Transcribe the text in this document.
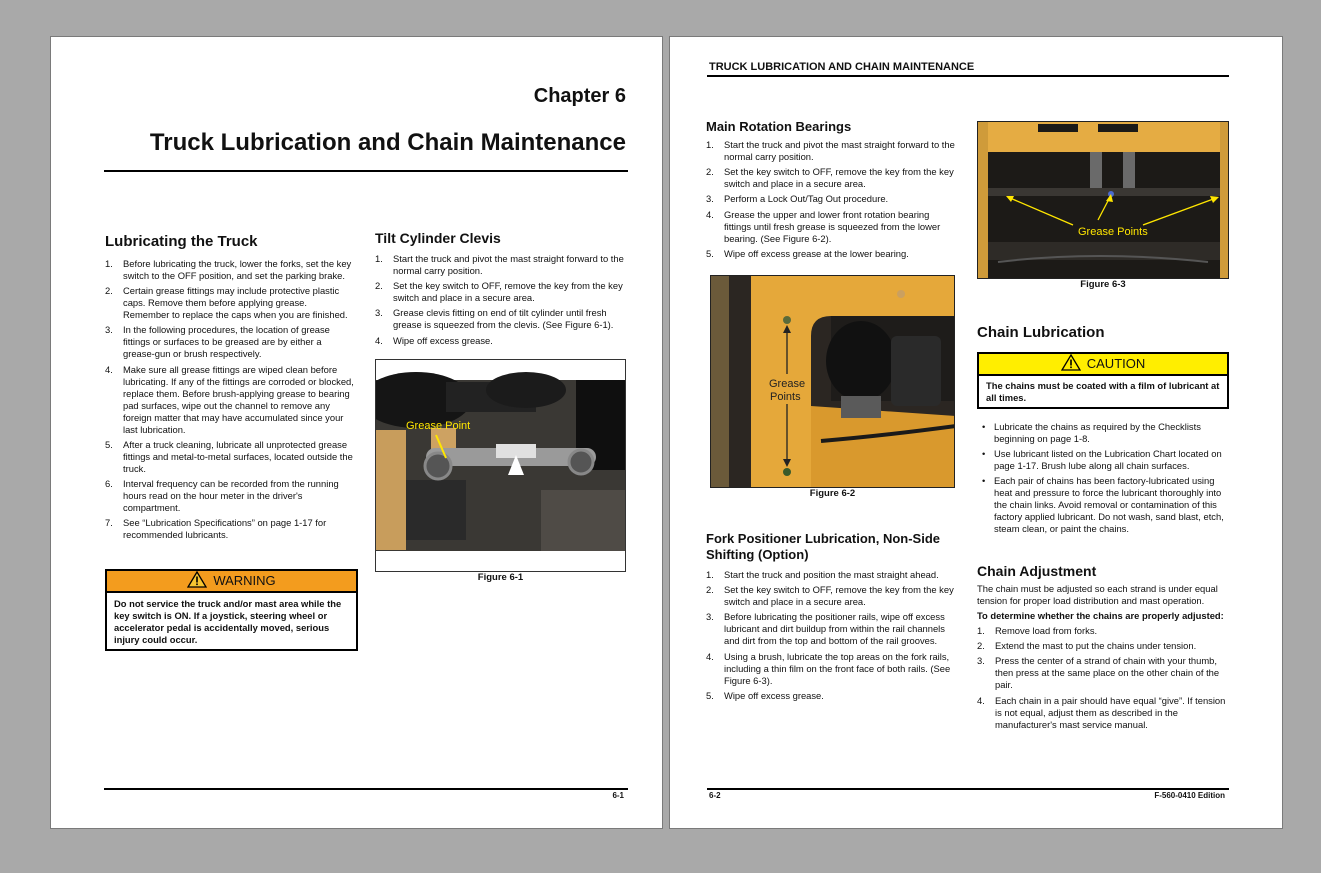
Chapter 6
Truck Lubrication and Chain Maintenance
Lubricating the Truck
1. Before lubricating the truck, lower the forks, set the key switch to the OFF position, and set the parking brake.
2. Certain grease fittings may include protective plastic caps. Remove them before applying grease. Remember to replace the caps when you are finished.
3. In the following procedures, the location of grease fittings or surfaces to be greased are by either a grease-gun or brush respectively.
4. Make sure all grease fittings are wiped clean before lubricating. If any of the fittings are corroded or blocked, replace them. Before brush-applying grease to bearing pad surfaces, wipe out the channel to remove any foreign matter that may have accumulated since your last lubrication.
5. After a truck cleaning, lubricate all unprotected grease fittings and metal-to-metal surfaces, located outside the truck.
6. Interval frequency can be recorded from the running hours read on the hour meter in the driver's compartment.
7. See “Lubrication Specifications” on page 1-17 for recommended lubricants.
WARNING
Do not service the truck and/or mast area while the key switch is ON. If a joystick, steering wheel or accelerator pedal is accidentally moved, serious injury could occur.
Tilt Cylinder Clevis
1. Start the truck and pivot the mast straight forward to the normal carry position.
2. Set the key switch to OFF, remove the key from the key switch and place in a secure area.
3. Grease clevis fitting on end of tilt cylinder until fresh grease is squeezed from the clevis. (See Figure 6-1).
4. Wipe off excess grease.
Grease Point
Figure 6-1
6-1
TRUCK LUBRICATION AND CHAIN MAINTENANCE
Main Rotation Bearings
1. Start the truck and pivot the mast straight forward to the normal carry position.
2. Set the key switch to OFF, remove the key from the key switch and place in a secure area.
3. Perform a Lock Out/Tag Out procedure.
4. Grease the upper and lower front rotation bearing fittings until fresh grease is squeezed from the lower bearing. (See Figure 6-2).
5. Wipe off excess grease at the lower bearing.
Grease
Points
Figure 6-2
Fork Positioner Lubrication, Non-Side
Shifting (Option)
1. Start the truck and position the mast straight ahead.
2. Set the key switch to OFF, remove the key from the key switch and place in a secure area.
3. Before lubricating the positioner rails, wipe off excess lubricant and dirt buildup from within the rail channels and dirt from the top and bottom of the rail grooves.
4. Using a brush, lubricate the top areas on the fork rails, including a thin film on the front face of both rails. (See Figure 6-3).
5. Wipe off excess grease.
Grease Points
Figure 6-3
Chain Lubrication
CAUTION
The chains must be coated with a film of lubricant at all times.
• Lubricate the chains as required by the Checklists beginning on page 1-8.
• Use lubricant listed on the Lubrication Chart located on page 1-17. Brush lube along all chain surfaces.
• Each pair of chains has been factory-lubricated using heat and pressure to force the lubricant thoroughly into the chain links. Avoid removal or contamination of this factory applied lubricant. Do not wash, sand blast, etch, steam clean, or paint the chains.
Chain Adjustment

The chain must be adjusted so each strand is under equal tension for proper load distribution and mast operation.

To determine whether the chains are properly adjusted:

1. Remove load from forks.
2. Extend the mast to put the chains under tension.
3. Press the center of a strand of chain with your thumb, then press at the same place on the other chain of the pair.
4. Each chain in a pair should have equal “give”. If tension is not equal, adjust them as described in the manufacturer's mast service manual.
6-2	F-560-0410 Edition
